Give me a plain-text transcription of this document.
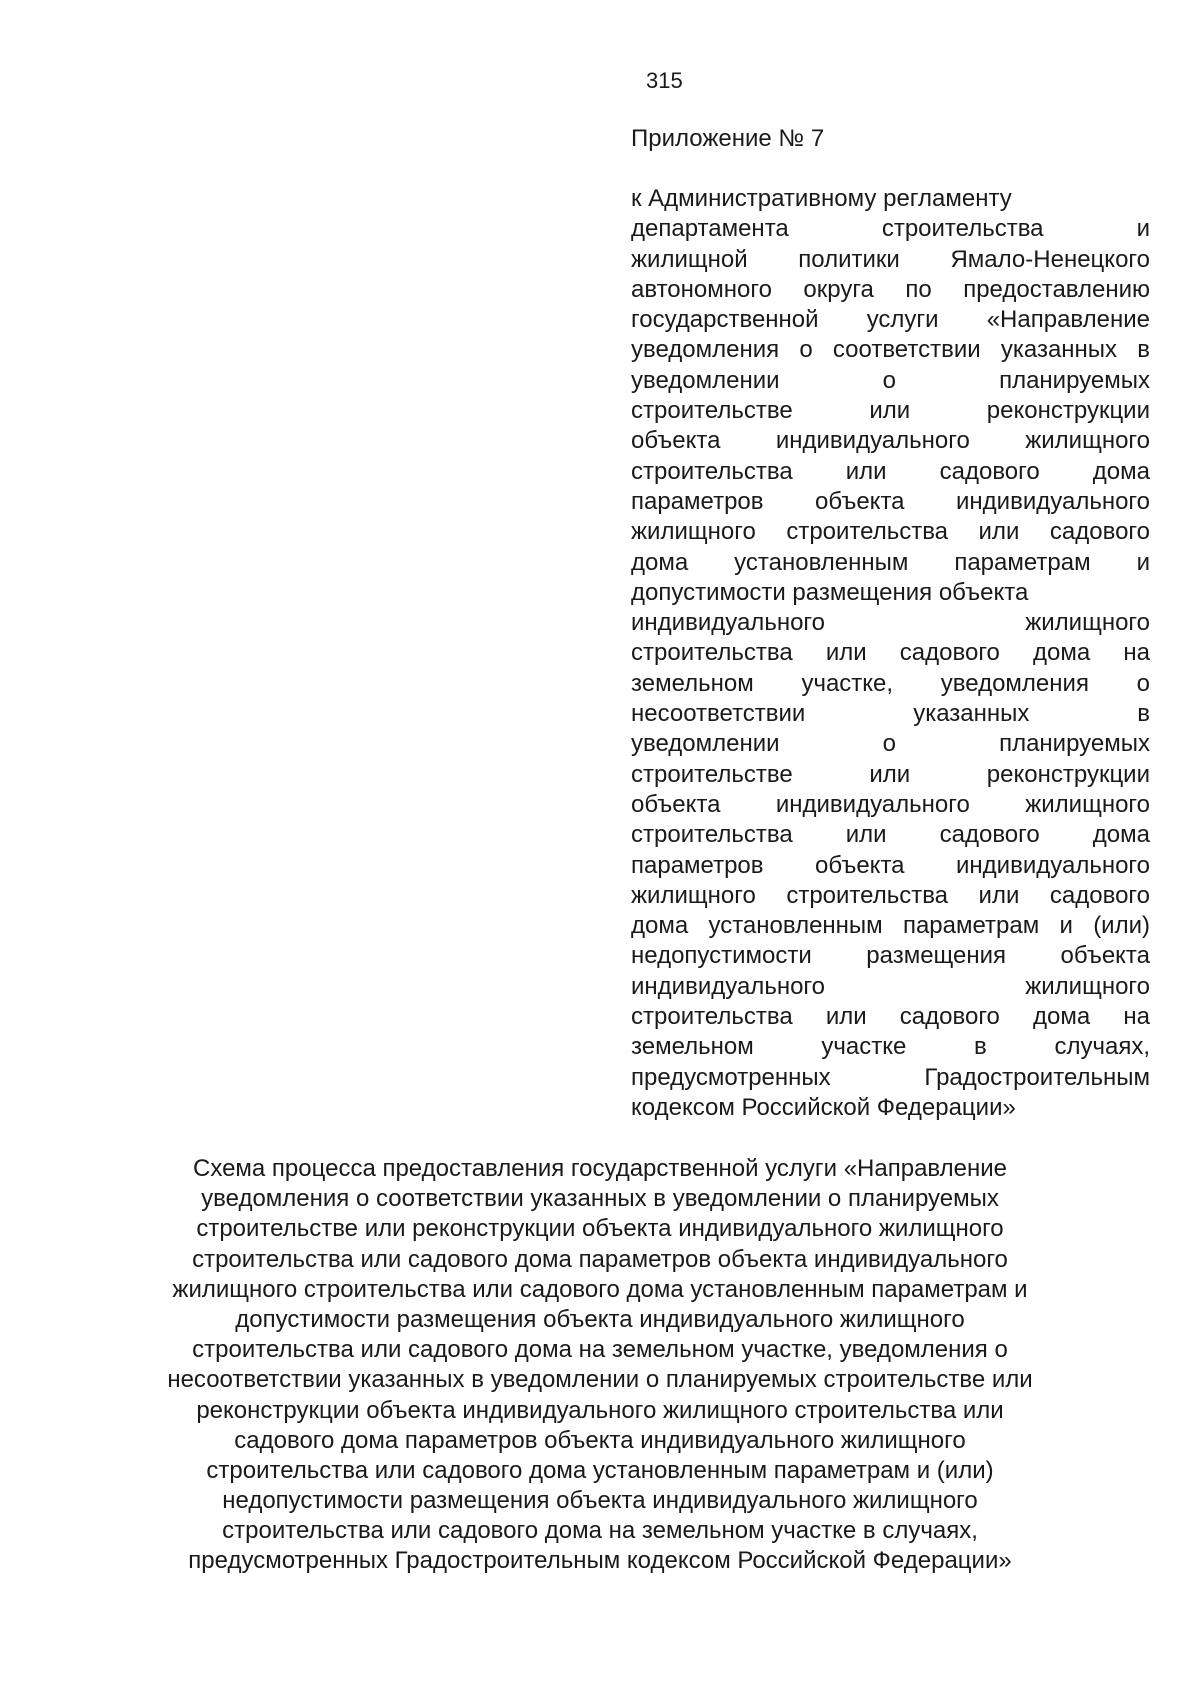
315
Приложение № 7
к Административному регламенту
департамента строительства и
жилищной политики Ямало-Ненецкого
автономного округа по предоставлению
государственной услуги «Направление
уведомления о соответствии указанных в
уведомлении о планируемых
строительстве или реконструкции
объекта индивидуального жилищного
строительства или садового дома
параметров объекта индивидуального
жилищного строительства или садового
дома установленным параметрам и
допустимости размещения объекта
индивидуального жилищного
строительства или садового дома на
земельном участке, уведомления о
несоответствии указанных в
уведомлении о планируемых
строительстве или реконструкции
объекта индивидуального жилищного
строительства или садового дома
параметров объекта индивидуального
жилищного строительства или садового
дома установленным параметрам и (или)
недопустимости размещения объекта
индивидуального жилищного
строительства или садового дома на
земельном участке в случаях,
предусмотренных Градостроительным
кодексом Российской Федерации»
Схема процесса предоставления государственной услуги «Направление
уведомления о соответствии указанных в уведомлении о планируемых
строительстве или реконструкции объекта индивидуального жилищного
строительства или садового дома параметров объекта индивидуального
жилищного строительства или садового дома установленным параметрам и
допустимости размещения объекта индивидуального жилищного
строительства или садового дома на земельном участке, уведомления о
несоответствии указанных в уведомлении о планируемых строительстве или
реконструкции объекта индивидуального жилищного строительства или
садового дома параметров объекта индивидуального жилищного
строительства или садового дома установленным параметрам и (или)
недопустимости размещения объекта индивидуального жилищного
строительства или садового дома на земельном участке в случаях,
предусмотренных Градостроительным кодексом Российской Федерации»
